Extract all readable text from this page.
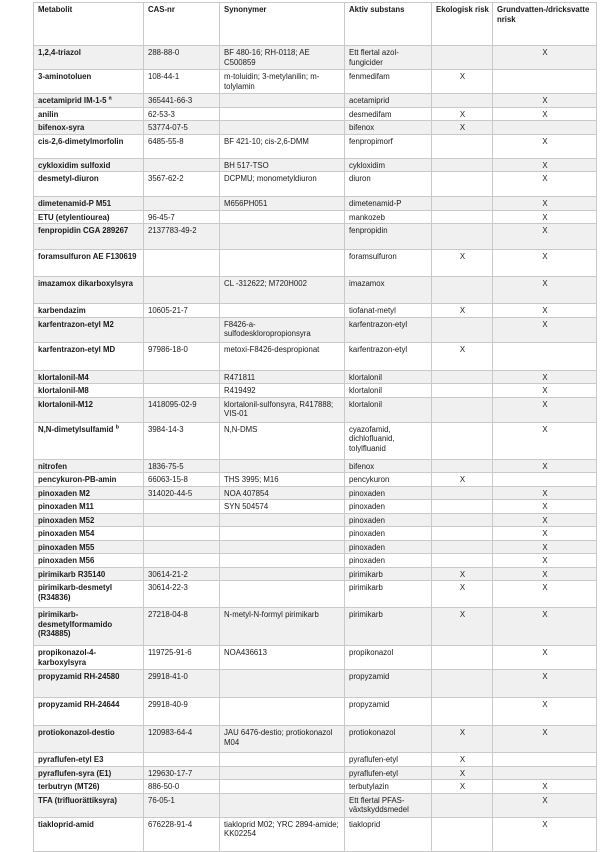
Metabolit	CAS-nr	Synonymer	Aktiv substans	Ekologisk risk	Grundvatten-/dricksvattenrisk
1,2,4-triazol	288-88-0	BF 480-16; RH-0118; AE C500859	Ett flertal azol-fungicider		X
3-aminotoluen	108-44-1	m-toluidin; 3-metylanilin; m-tolylamin	fenmedifam	X	
acetamiprid IM-1-5 $^a$	365441-66-3		acetamiprid		X
anilin	62-53-3		desmedifam	X	X
bifenox-syra	53774-07-5		bifenox	X	
cis-2,6-dimetylmorfolin	6485-55-8	BF 421-10; cis-2,6-DMM	fenpropimorf		X
cykloxidim sulfoxid		BH 517-TSO	cykloxidim		X
desmetyl-diuron	3567-62-2	DCPMU; monometyldiuron	diuron		X
dimetenamid-P M51		M656PH051	dimetenamid-P		X
ETU (etylentiourea)	96-45-7		mankozeb		X
fenpropidin CGA 289267	2137783-49-2		fenpropidin		X
foramsulfuron AE F130619			foramsulfuron	X	X
imazamox dikarboxylsyra		CL -312622; M720H002	imazamox		X
karbendazim	10605-21-7		tiofanat-metyl	X	X
karfentrazon-etyl M2		F8426-a-sulfodeskloropropionsyra	karfentrazon-etyl		X
karfentrazon-etyl MD	97986-18-0	metoxi-F8426-despropionat	karfentrazon-etyl	X	
klortalonil-M4		R471811	klortalonil		X
klortalonil-M8		R419492	klortalonil		X
klortalonil-M12	1418095-02-9	klortalonil-sulfonsyra, R417888; VIS-01	klortalonil		X
N,N-dimetylsulfamid $^b$	3984-14-3	N,N-DMS	cyazofamid, dichlofluanid, tolylfluanid		X
nitrofen	1836-75-5		bifenox		X
pencykuron-PB-amin	66063-15-8	THS 3995; M16	pencykuron	X	
pinoxaden M2	314020-44-5	NOA 407854	pinoxaden		X
pinoxaden M11		SYN 504574	pinoxaden		X
pinoxaden M52			pinoxaden		X
pinoxaden M54			pinoxaden		X
pinoxaden M55			pinoxaden		X
pinoxaden M56			pinoxaden		X
pirimikarb R35140	30614-21-2		pirimikarb	X	X
pirimikarb-desmetyl (R34836)	30614-22-3		pirimikarb	X	X
pirimikarb-desmetylformamido (R34885)	27218-04-8	N-metyl-N-formyl pirimikarb	pirimikarb	X	X
propikonazol-4-karboxylsyra	119725-91-6	NOA436613	propikonazol		X
propyzamid RH-24580	29918-41-0		propyzamid		X
propyzamid RH-24644	29918-40-9		propyzamid		X
protiokonazol-destio	120983-64-4	JAU 6476-destio; protiokonazol M04	protiokonazol	X	X
pyraflufen-etyl E3			pyraflufen-etyl	X	
pyraflufen-syra (E1)	129630-17-7		pyraflufen-etyl	X	
terbutryn (MT26)	886-50-0		terbutylazin	X	X
TFA (trifluorättiksyra)	76-05-1		Ett flertal PFAS-växtskyddsmedel		X
tiakloprid-amid	676228-91-4	tiakloprid M02; YRC 2894-amide; KK02254	tiakloprid		X
